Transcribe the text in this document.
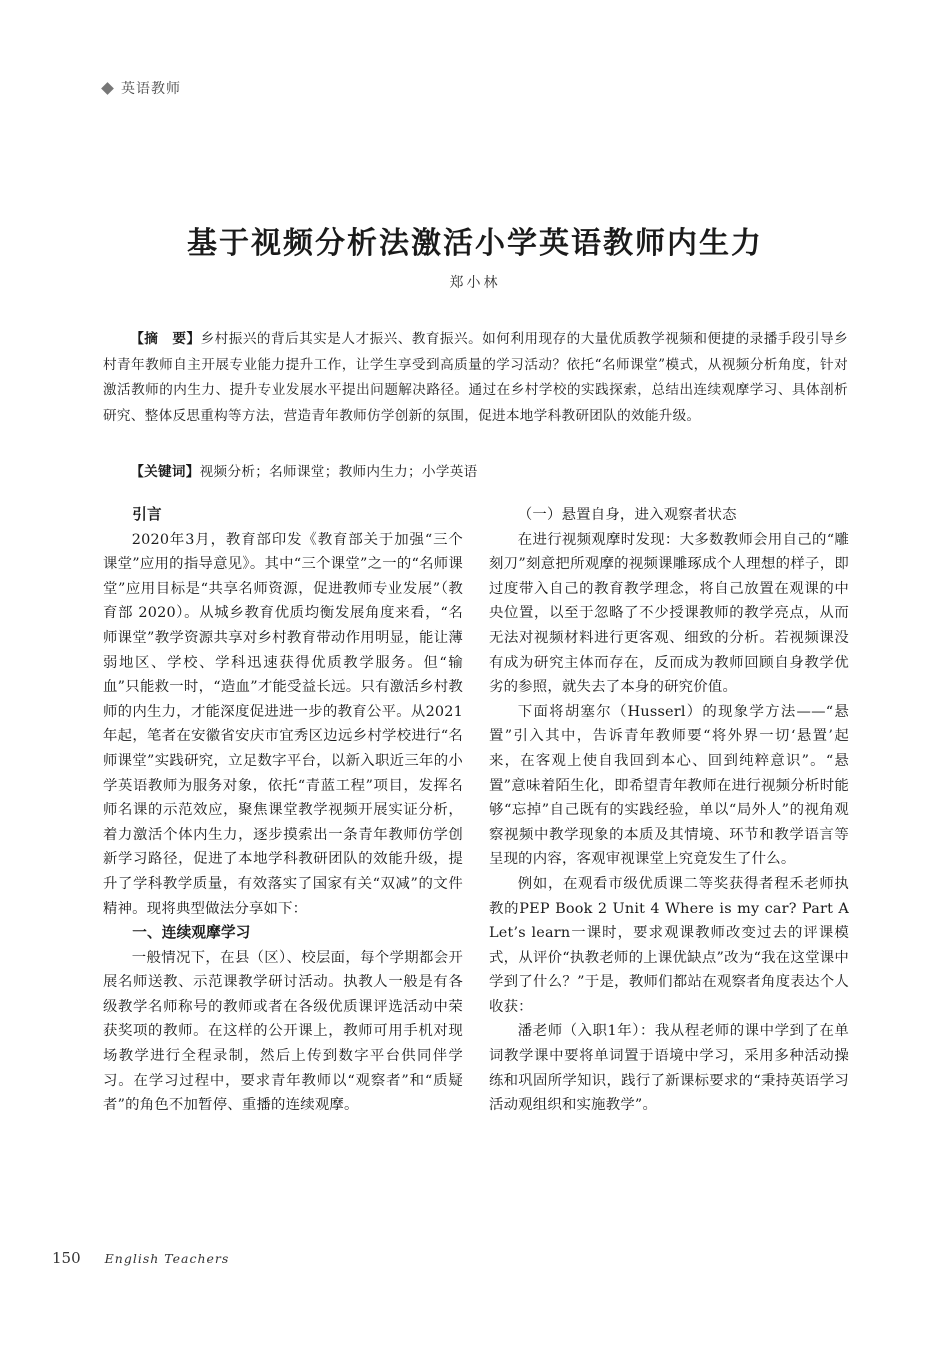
英语教师
基于视频分析法激活小学英语教师内生力
郑小林

【摘　要】乡村振兴的背后其实是人才振兴、教育振兴。如何利用现存的大量优质教学视频和便捷的录播手段引导乡村青年教师自主开展专业能力提升工作，让学生享受到高质量的学习活动？依托“名师课堂”模式，从视频分析角度，针对激活教师的内生力、提升专业发展水平提出问题解决路径。通过在乡村学校的实践探索，总结出连续观摩学习、具体剖析研究、整体反思重构等方法，营造青年教师仿学创新的氛围，促进本地学科教研团队的效能升级。

【关键词】视频分析；名师课堂；教师内生力；小学英语

引言

2020年3月，教育部印发《教育部关于加强“三个课堂”应用的指导意见》。其中“三个课堂”之一的“名师课堂”应用目标是“共享名师资源，促进教师专业发展”（教育部 2020）。从城乡教育优质均衡发展角度来看，“名师课堂”教学资源共享对乡村教育带动作用明显，能让薄弱地区、学校、学科迅速获得优质教学服务。但“输血”只能救一时，“造血”才能受益长远。只有激活乡村教师的内生力，才能深度促进进一步的教育公平。从2021年起，笔者在安徽省安庆市宜秀区边远乡村学校进行“名师课堂”实践研究，立足数字平台，以新入职近三年的小学英语教师为服务对象，依托“青蓝工程”项目，发挥名师名课的示范效应，聚焦课堂教学视频开展实证分析，着力激活个体内生力，逐步摸索出一条青年教师仿学创新学习路径，促进了本地学科教研团队的效能升级，提升了学科教学质量，有效落实了国家有关“双减”的文件精神。现将典型做法分享如下：

一、连续观摩学习

一般情况下，在县（区）、校层面，每个学期都会开展名师送教、示范课教学研讨活动。执教人一般是有各级教学名师称号的教师或者在各级优质课评选活动中荣获奖项的教师。在这样的公开课上，教师可用手机对现场教学进行全程录制，然后上传到数字平台供同伴学习。在学习过程中，要求青年教师以“观察者”和“质疑者”的角色不加暂停、重播的连续观摩。

（一）悬置自身，进入观察者状态

在进行视频观摩时发现：大多数教师会用自己的“雕刻刀”刻意把所观摩的视频课雕琢成个人理想的样子，即过度带入自己的教育教学理念，将自己放置在观课的中央位置，以至于忽略了不少授课教师的教学亮点，从而无法对视频材料进行更客观、细致的分析。若视频课没有成为研究主体而存在，反而成为教师回顾自身教学优劣的参照，就失去了本身的研究价值。

下面将胡塞尔（Husserl）的现象学方法——“悬置”引入其中，告诉青年教师要“将外界一切‘悬置’起来，在客观上使自我回到本心、回到纯粹意识”。“悬置”意味着陌生化，即希望青年教师在进行视频分析时能够“忘掉”自己既有的实践经验，单以“局外人”的视角观察视频中教学现象的本质及其情境、环节和教学语言等呈现的内容，客观审视课堂上究竟发生了什么。

例如，在观看市级优质课二等奖获得者程禾老师执教的PEP Book 2 Unit 4 Where is my car? Part A Let’s learn一课时，要求观课教师改变过去的评课模式，从评价“执教老师的上课优缺点”改为“我在这堂课中学到了什么？”于是，教师们都站在观察者角度表达个人收获：

潘老师（入职1年）：我从程老师的课中学到了在单词教学课中要将单词置于语境中学习，采用多种活动操练和巩固所学知识，践行了新课标要求的“秉持英语学习活动观组织和实施教学”。

150 English Teachers
